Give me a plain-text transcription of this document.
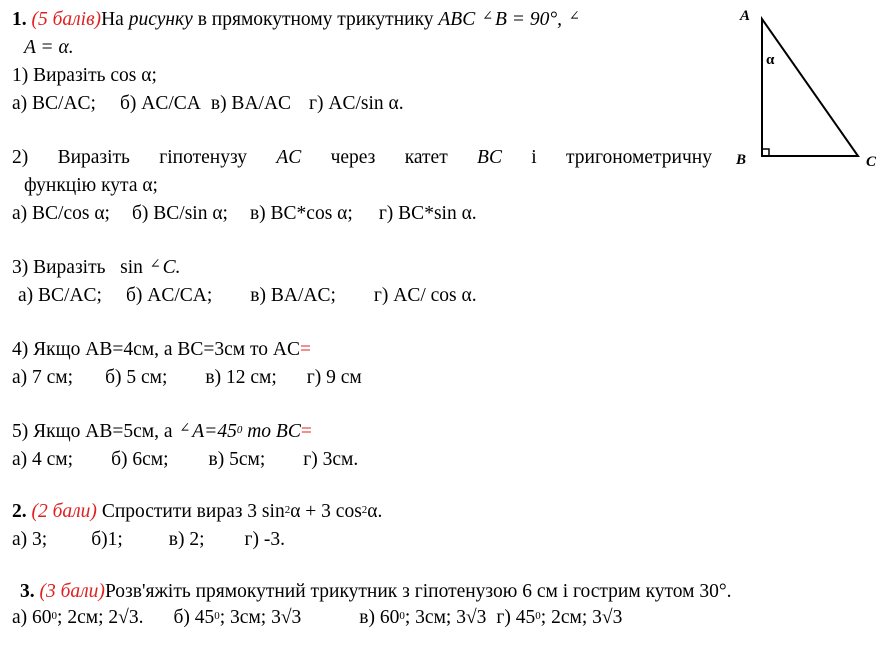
1. (5 балів)На рисунку в прямокутному трикутнику ABC ∠ B = 90°, ∠
A = α.
1) Виразіть cos α;
а) BC/AC; б) AC/CA в) BA/AC г) AC/sin α.
2) Виразіть гіпотенузу AC через катет BC і тригонометричну
функцію кута α;
а) BC/cos α; б) BC/sin α; в) BC*cos α; г) BC*sin α.
3) Виразіть   sin ∠ C.
а) BC/AC; б) AC/CA; в) BA/AC; г) AC/ cos α.
4) Якщо AB=4см, а BC=3см то AC=
а) 7 см; б) 5 см; в) 12 см; г) 9 см
5) Якщо AB=5см, а ∠ $A=45^0$ то BC=
а) 4 см; б) 6см; в) 5см; г) 3см.
2. (2 бали) Спростити вираз 3 $\sin^2\alpha + 3$ $\cos^2\alpha$.
а) 3; б)1; в) 2; г) -3.
3. (3 бали)Розв'яжіть прямокутний трикутник з гіпотенузою 6 см і гострим кутом 30°.
а) $60^0$; 2см; 2√3. б) $45^0$; 3см; 3√3	в) $60^0$; 3см; 3√3 г) $45^0$; 2см; 3√3
A
B	C
α
